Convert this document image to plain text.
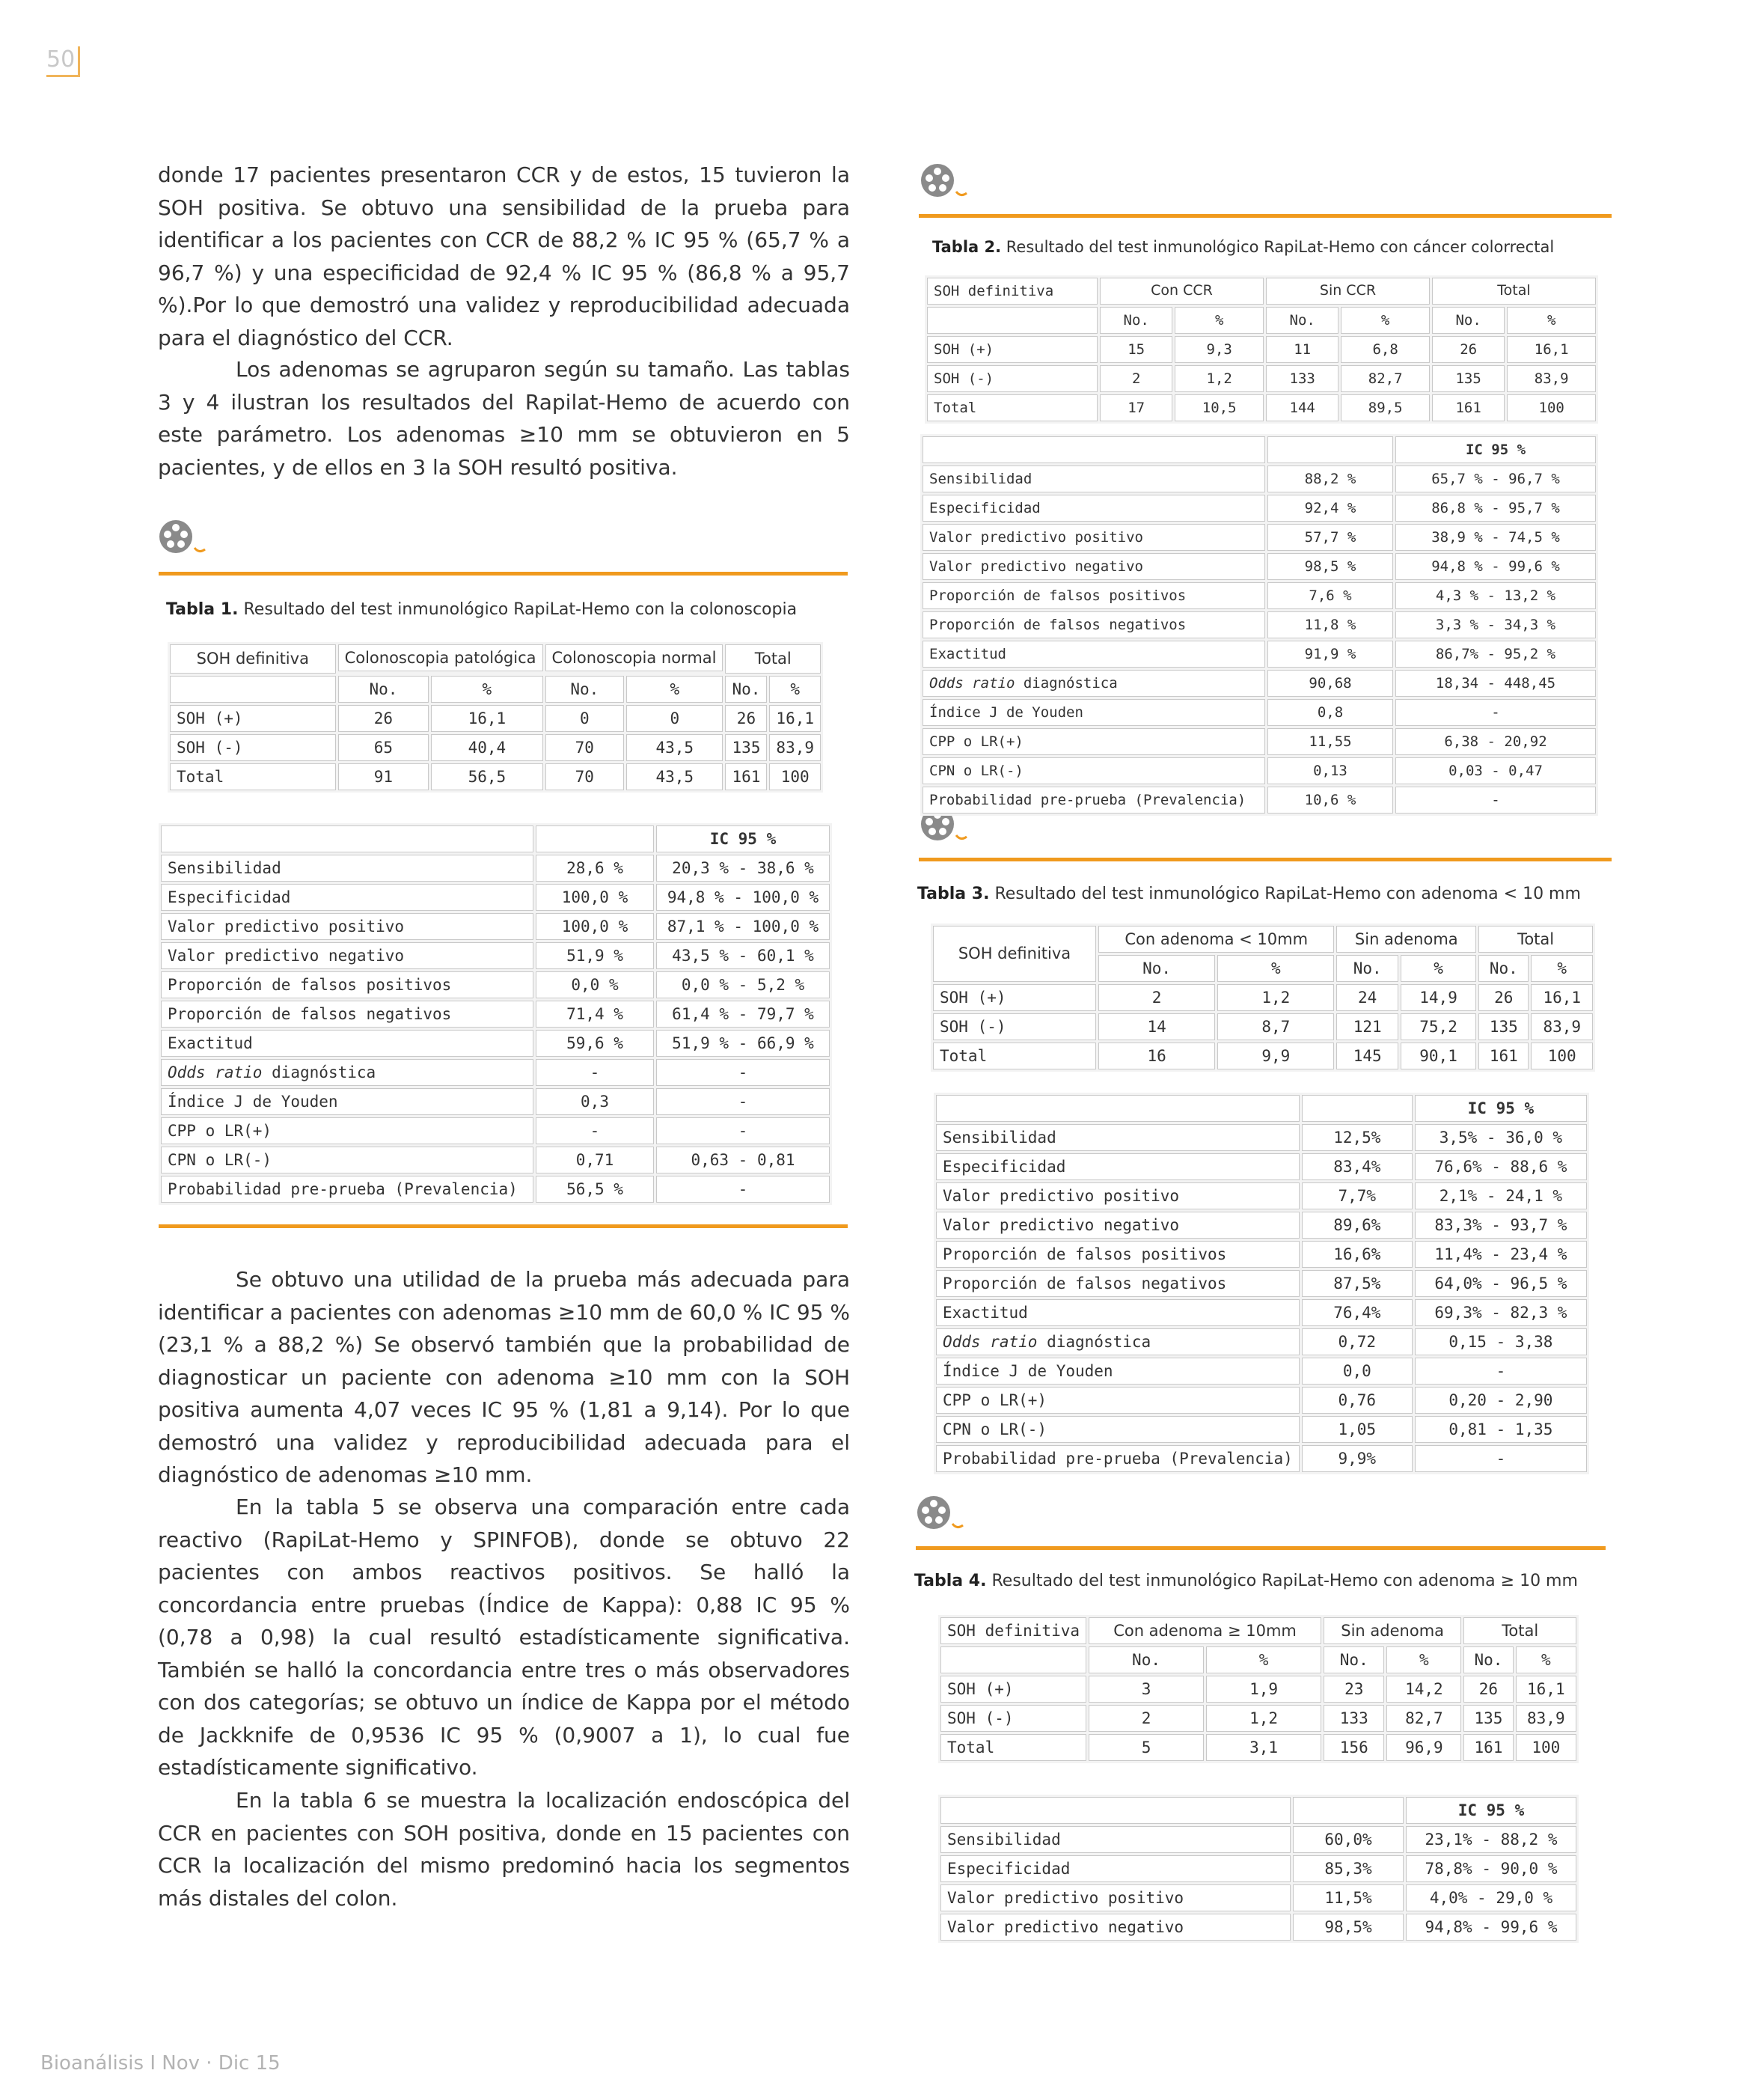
50
Bioanálisis I Nov · Dic 15

donde 17 pacientes presentaron CCR y de estos, 15 tuvieron la SOH positiva. Se obtuvo una sensibilidad de la prueba para identificar a los pacientes con CCR de 88,2 % IC 95 % (65,7 % a 96,7 %) y una especificidad de 92,4 % IC 95 % (86,8 % a 95,7 %).Por lo que demostró una validez y reproducibilidad adecuada para el diagnóstico del CCR.

Los adenomas se agruparon según su tamaño. Las tablas 3 y 4 ilustran los resultados del Rapilat-Hemo de acuerdo con este parámetro. Los adenomas ≥10 mm se obtuvieron en 5 pacientes, y de ellos en 3 la SOH resultó positiva.

Se obtuvo una utilidad de la prueba más adecuada para identificar a pacientes con adenomas ≥10 mm de 60,0 % IC 95 % (23,1 % a 88,2 %) Se observó también que la probabilidad de diagnosticar un paciente con adenoma ≥10 mm con la SOH positiva aumenta 4,07 veces IC 95 % (1,81 a 9,14). Por lo que demostró una validez y reproducibilidad adecuada para el diagnóstico de adenomas ≥10 mm.

En la tabla 5 se observa una comparación entre cada reactivo (RapiLat-Hemo y SPINFOB), donde se obtuvo 22 pacientes con ambos reactivos positivos. Se halló la concordancia entre pruebas (Índice de Kappa): 0,88 IC 95 % (0,78 a 0,98) la cual resultó estadísticamente significativa. También se halló la concordancia entre tres o más observadores con dos categorías; se obtuvo un índice de Kappa por el método de Jackknife de 0,9536 IC 95 % (0,9007 a 1), lo cual fue estadísticamente significativo.

En la tabla 6 se muestra la localización endoscópica del CCR en pacientes con SOH positiva, donde en 15 pacientes con CCR la localización del mismo predominó hacia los segmentos más distales del colon.

Tabla 1. Resultado del test inmunológico RapiLat-Hemo con la colonoscopia
SOH definitiva	Colonoscopia patológica		Colonoscopia normal		Total	

	No.	%	No.	%	No.	%
SOH (+)	26	16,1	0	0	26	16,1
SOH (-)	65	40,4	70	43,5	135	83,9
Total	91	56,5	70	43,5	161	100
		IC 95 %
Sensibilidad	28,6 %	20,3 % - 38,6 %
Especificidad	100,0 %	94,8 % - 100,0 %
Valor predictivo positivo	100,0 %	87,1 % - 100,0 %
Valor predictivo negativo	51,9 %	43,5 % - 60,1 %
Proporción de falsos positivos	0,0 %	0,0 % - 5,2 %
Proporción de falsos negativos	71,4 %	61,4 % - 79,7 %
Exactitud	59,6 %	51,9 % - 66,9 %
Odds ratio diagnóstica	-	-
Índice J de Youden	0,3	-
CPP o LR(+)	-	-
CPN o LR(-)	0,71	0,63 - 0,81
Probabilidad pre-prueba (Prevalencia)	56,5 %	-
Tabla 2. Resultado del test inmunológico RapiLat-Hemo con cáncer colorrectal
SOH definitiva	Con CCR		Sin CCR		Total	
	No.	%	No.	%	No.	%
SOH (+)	15	9,3	11	6,8	26	16,1
SOH (-)	2	1,2	133	82,7	135	83,9
Total	17	10,5	144	89,5	161	100
		IC 95 %
Sensibilidad	88,2 %	65,7 % - 96,7 %
Especificidad	92,4 %	86,8 % - 95,7 %
Valor predictivo positivo	57,7 %	38,9 % - 74,5 %
Valor predictivo negativo	98,5 %	94,8 % - 99,6 %
Proporción de falsos positivos	7,6 %	4,3 % - 13,2 %
Proporción de falsos negativos	11,8 %	3,3 % - 34,3 %
Exactitud	91,9 %	86,7% - 95,2 %
Odds ratio diagnóstica	90,68	18,34 - 448,45
Índice J de Youden	0,8	-
CPP o LR(+)	11,55	6,38 - 20,92
CPN o LR(-)	0,13	0,03 - 0,47
Probabilidad pre-prueba (Prevalencia)	10,6 %	-
Tabla 3. Resultado del test inmunológico RapiLat-Hemo con adenoma < 10 mm
SOH definitiva	Con adenoma < 10mm		Sin adenoma		Total	
	No.	%	No.	%	No.	%
SOH (+)	2	1,2	24	14,9	26	16,1
SOH (-)	14	8,7	121	75,2	135	83,9
Total	16	9,9	145	90,1	161	100
		IC 95 %
Sensibilidad	12,5%	3,5% - 36,0 %
Especificidad	83,4%	76,6% - 88,6 %
Valor predictivo positivo	7,7%	2,1% - 24,1 %
Valor predictivo negativo	89,6%	83,3% - 93,7 %
Proporción de falsos positivos	16,6%	11,4% - 23,4 %
Proporción de falsos negativos	87,5%	64,0% - 96,5 %
Exactitud	76,4%	69,3% - 82,3 %
Odds ratio diagnóstica	0,72	0,15 - 3,38
Índice J de Youden	0,0	-
CPP o LR(+)	0,76	0,20 - 2,90
CPN o LR(-)	1,05	0,81 - 1,35
Probabilidad pre-prueba (Prevalencia)	9,9%	-
Tabla 4. Resultado del test inmunológico RapiLat-Hemo con adenoma ≥ 10 mm
SOH definitiva	Con adenoma ≥ 10mm		Sin adenoma		Total	
	No.	%	No.	%	No.	%
SOH (+)	3	1,9	23	14,2	26	16,1
SOH (-)	2	1,2	133	82,7	135	83,9
Total	5	3,1	156	96,9	161	100
		IC 95 %
Sensibilidad	60,0%	23,1% - 88,2 %
Especificidad	85,3%	78,8% - 90,0 %
Valor predictivo positivo	11,5%	4,0% - 29,0 %
Valor predictivo negativo	98,5%	94,8% - 99,6 %
